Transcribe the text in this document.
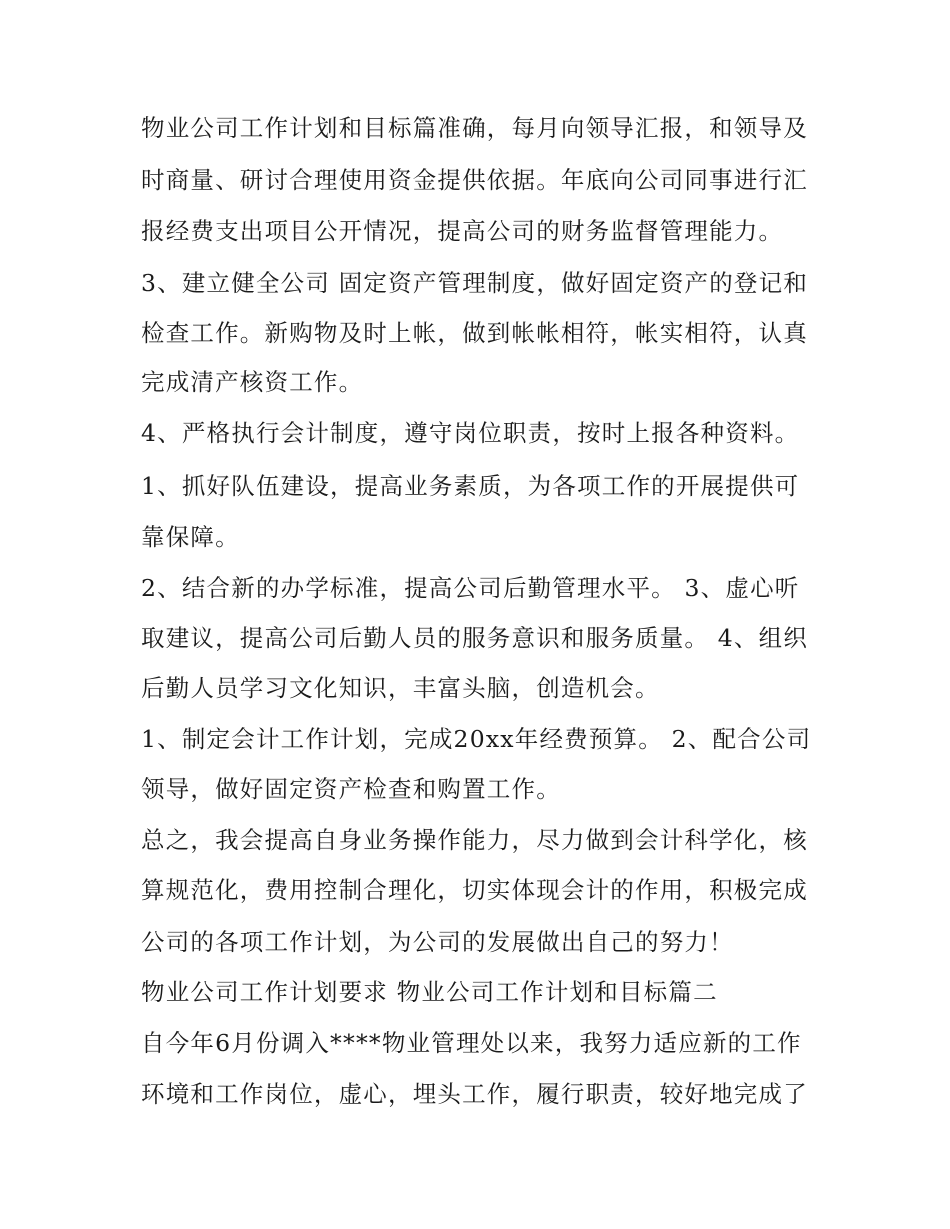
物业公司工作计划和目标篇准确，每月向领导汇报，和领导及
时商量、研讨合理使用资金提供依据。年底向公司同事进行汇
报经费支出项目公开情况，提高公司的财务监督管理能力。
3、建立健全公司 固定资产管理制度，做好固定资产的登记和
检查工作。新购物及时上帐，做到帐帐相符，帐实相符，认真
完成清产核资工作。
4、严格执行会计制度，遵守岗位职责，按时上报各种资料。
1、抓好队伍建设，提高业务素质，为各项工作的开展提供可
靠保障。
2、结合新的办学标准，提高公司后勤管理水平。 3、虚心听
取建议，提高公司后勤人员的服务意识和服务质量。 4、组织
后勤人员学习文化知识，丰富头脑，创造机会。
1、制定会计工作计划，完成20xx年经费预算。 2、配合公司
领导，做好固定资产检查和购置工作。
总之，我会提高自身业务操作能力，尽力做到会计科学化，核
算规范化，费用控制合理化，切实体现会计的作用，积极完成
公司的各项工作计划，为公司的发展做出自己的努力！
物业公司工作计划要求 物业公司工作计划和目标篇二
自今年6月份调入****物业管理处以来，我努力适应新的工作
环境和工作岗位，虚心，埋头工作，履行职责，较好地完成了
